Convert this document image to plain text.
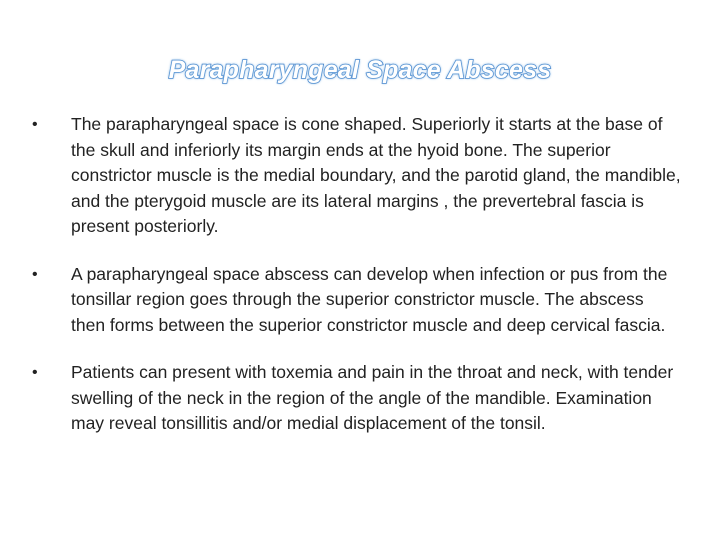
Parapharyngeal Space Abscess
•	The parapharyngeal space is cone shaped. Superiorly it starts at the base of the skull and inferiorly its margin ends at the hyoid bone. The superior constrictor muscle is the medial boundary, and the parotid gland, the mandible, and the pterygoid muscle are its lateral margins , the prevertebral fascia is present posteriorly.
•	A parapharyngeal space abscess can develop when infection or pus from the tonsillar region goes through the superior constrictor muscle. The abscess then forms between the superior constrictor muscle and deep cervical fascia.
•	Patients can present with toxemia and pain in the throat and neck, with tender swelling of the neck in the region of the angle of the mandible. Examination may reveal tonsillitis and/or medial displacement of the tonsil.
